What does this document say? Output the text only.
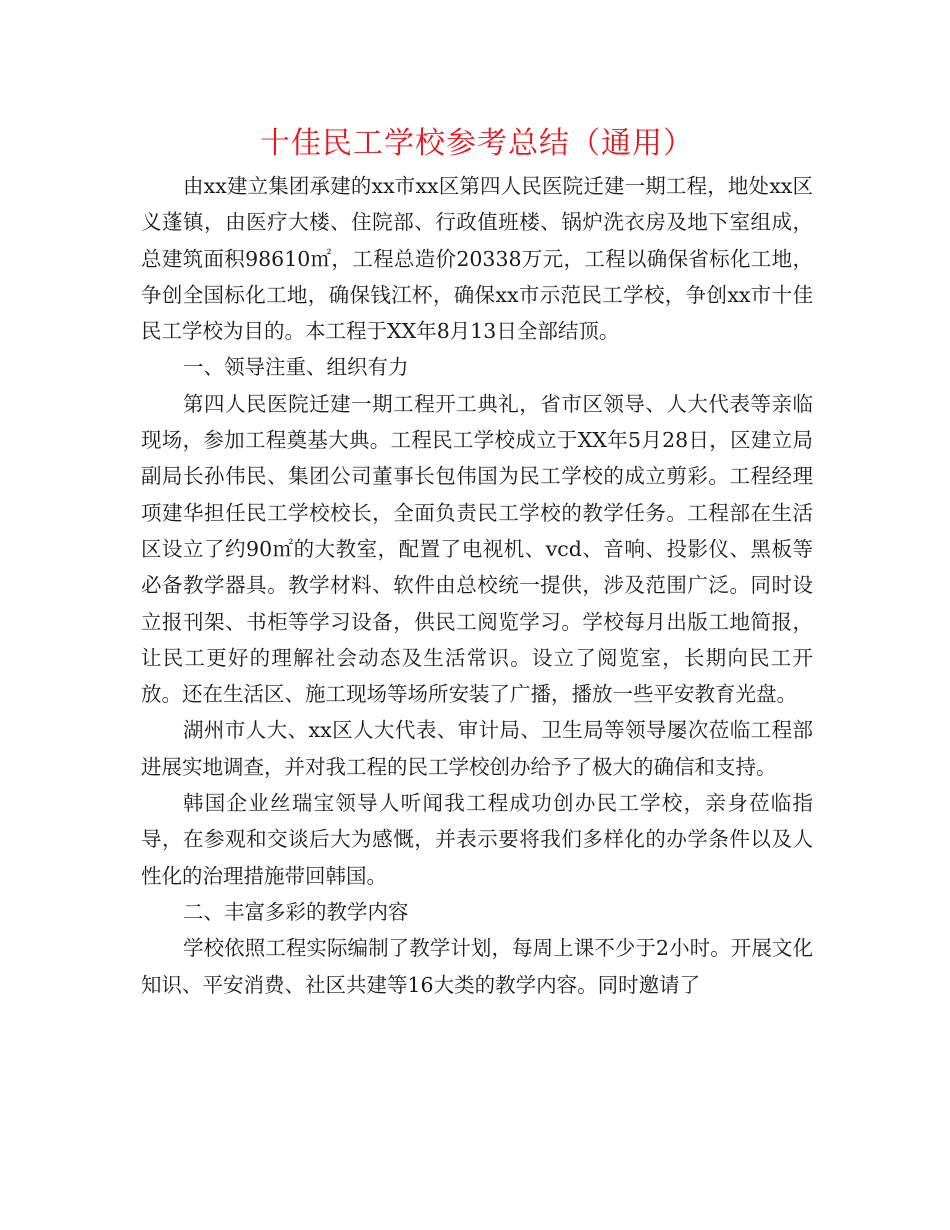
十佳民工学校参考总结（通用）

由xx建立集团承建的xx市xx区第四人民医院迁建一期工程，地处xx区义蓬镇，由医疗大楼、住院部、行政值班楼、锅炉洗衣房及地下室组成，总建筑面积98610㎡，工程总造价20338万元，工程以确保省标化工地，争创全国标化工地，确保钱江杯，确保xx市示范民工学校，争创xx市十佳民工学校为目的。本工程于XX年8月13日全部结顶。

一、领导注重、组织有力

第四人民医院迁建一期工程开工典礼，省市区领导、人大代表等亲临现场，参加工程奠基大典。工程民工学校成立于XX年5月28日，区建立局副局长孙伟民、集团公司董事长包伟国为民工学校的成立剪彩。工程经理项建华担任民工学校校长，全面负责民工学校的教学任务。工程部在生活区设立了约90㎡的大教室，配置了电视机、vcd、音响、投影仪、黑板等必备教学器具。教学材料、软件由总校统一提供，涉及范围广泛。同时设立报刊架、书柜等学习设备，供民工阅览学习。学校每月出版工地简报，让民工更好的理解社会动态及生活常识。设立了阅览室，长期向民工开放。还在生活区、施工现场等场所安装了广播，播放一些平安教育光盘。

湖州市人大、xx区人大代表、审计局、卫生局等领导屡次莅临工程部进展实地调查，并对我工程的民工学校创办给予了极大的确信和支持。

韩国企业丝瑞宝领导人听闻我工程成功创办民工学校，亲身莅临指导，在参观和交谈后大为感慨，并表示要将我们多样化的办学条件以及人性化的治理措施带回韩国。

二、丰富多彩的教学内容

学校依照工程实际编制了教学计划，每周上课不少于2小时。开展文化知识、平安消费、社区共建等16大类的教学内容。同时邀请了
